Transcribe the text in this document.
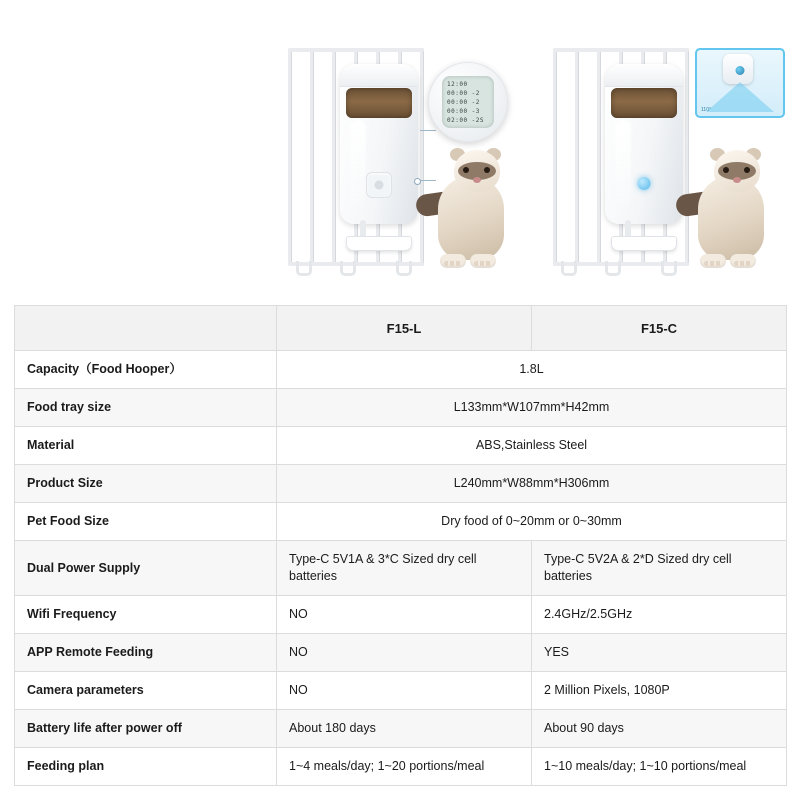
12:00
00:00 -2
00:00 -2
00:00 -3
02:00 -2S
110°
	F15-L	F15-C
Capacity（Food Hooper）	1.8L	
Food tray size	L133mm*W107mm*H42mm	
Material	ABS,Stainless Steel	
Product Size	L240mm*W88mm*H306mm	
Pet Food Size	Dry food of 0~20mm or 0~30mm	
Dual Power Supply	Type-C 5V1A & 3*C Sized dry cell batteries	Type-C 5V2A & 2*D Sized dry cell batteries
Wifi Frequency	NO	2.4GHz/2.5GHz
APP Remote Feeding	NO	YES
Camera parameters	NO	2 Million Pixels, 1080P
Battery life after power off	About 180 days	About 90 days
Feeding plan	1~4 meals/day; 1~20 portions/meal	1~10 meals/day; 1~10 portions/meal
